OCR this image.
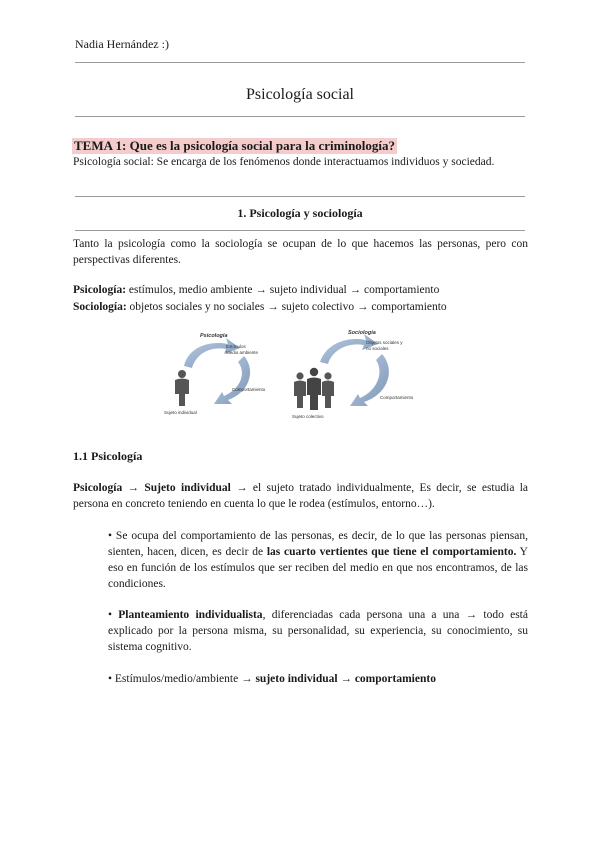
Nadia Hernández :)
Psicología social
TEMA 1: Que es la psicología social para la criminología?
Psicología social: Se encarga de los fenómenos donde interactuamos individuos y sociedad.
1. Psicología y sociología
Tanto la psicología como la sociología se ocupan de lo que hacemos las personas, pero con perspectivas diferentes.
Psicología: estímulos, medio ambiente → sujeto individual → comportamiento
Sociología: objetos sociales y no sociales → sujeto colectivo → comportamiento
Psicología
Estímulos
Medio ambiente
Comportamiento
Sujeto individual
Sociología
Objetos sociales y
no sociales
Comportamiento
Sujeto colectivo
1.1 Psicología
Psicología → Sujeto individual → el sujeto tratado individualmente, Es decir, se estudia la persona en concreto teniendo en cuenta lo que le rodea (estímulos, entorno…).
• Se ocupa del comportamiento de las personas, es decir, de lo que las personas piensan, sienten, hacen, dicen, es decir de las cuarto vertientes que tiene el comportamiento. Y eso en función de los estímulos que ser reciben del medio en que nos encontramos, de las condiciones.
• Planteamiento individualista, diferenciadas cada persona una a una → todo está explicado por la persona misma, su personalidad, su experiencia, su conocimiento, su sistema cognitivo.
• Estímulos/medio/ambiente → sujeto individual → comportamiento
